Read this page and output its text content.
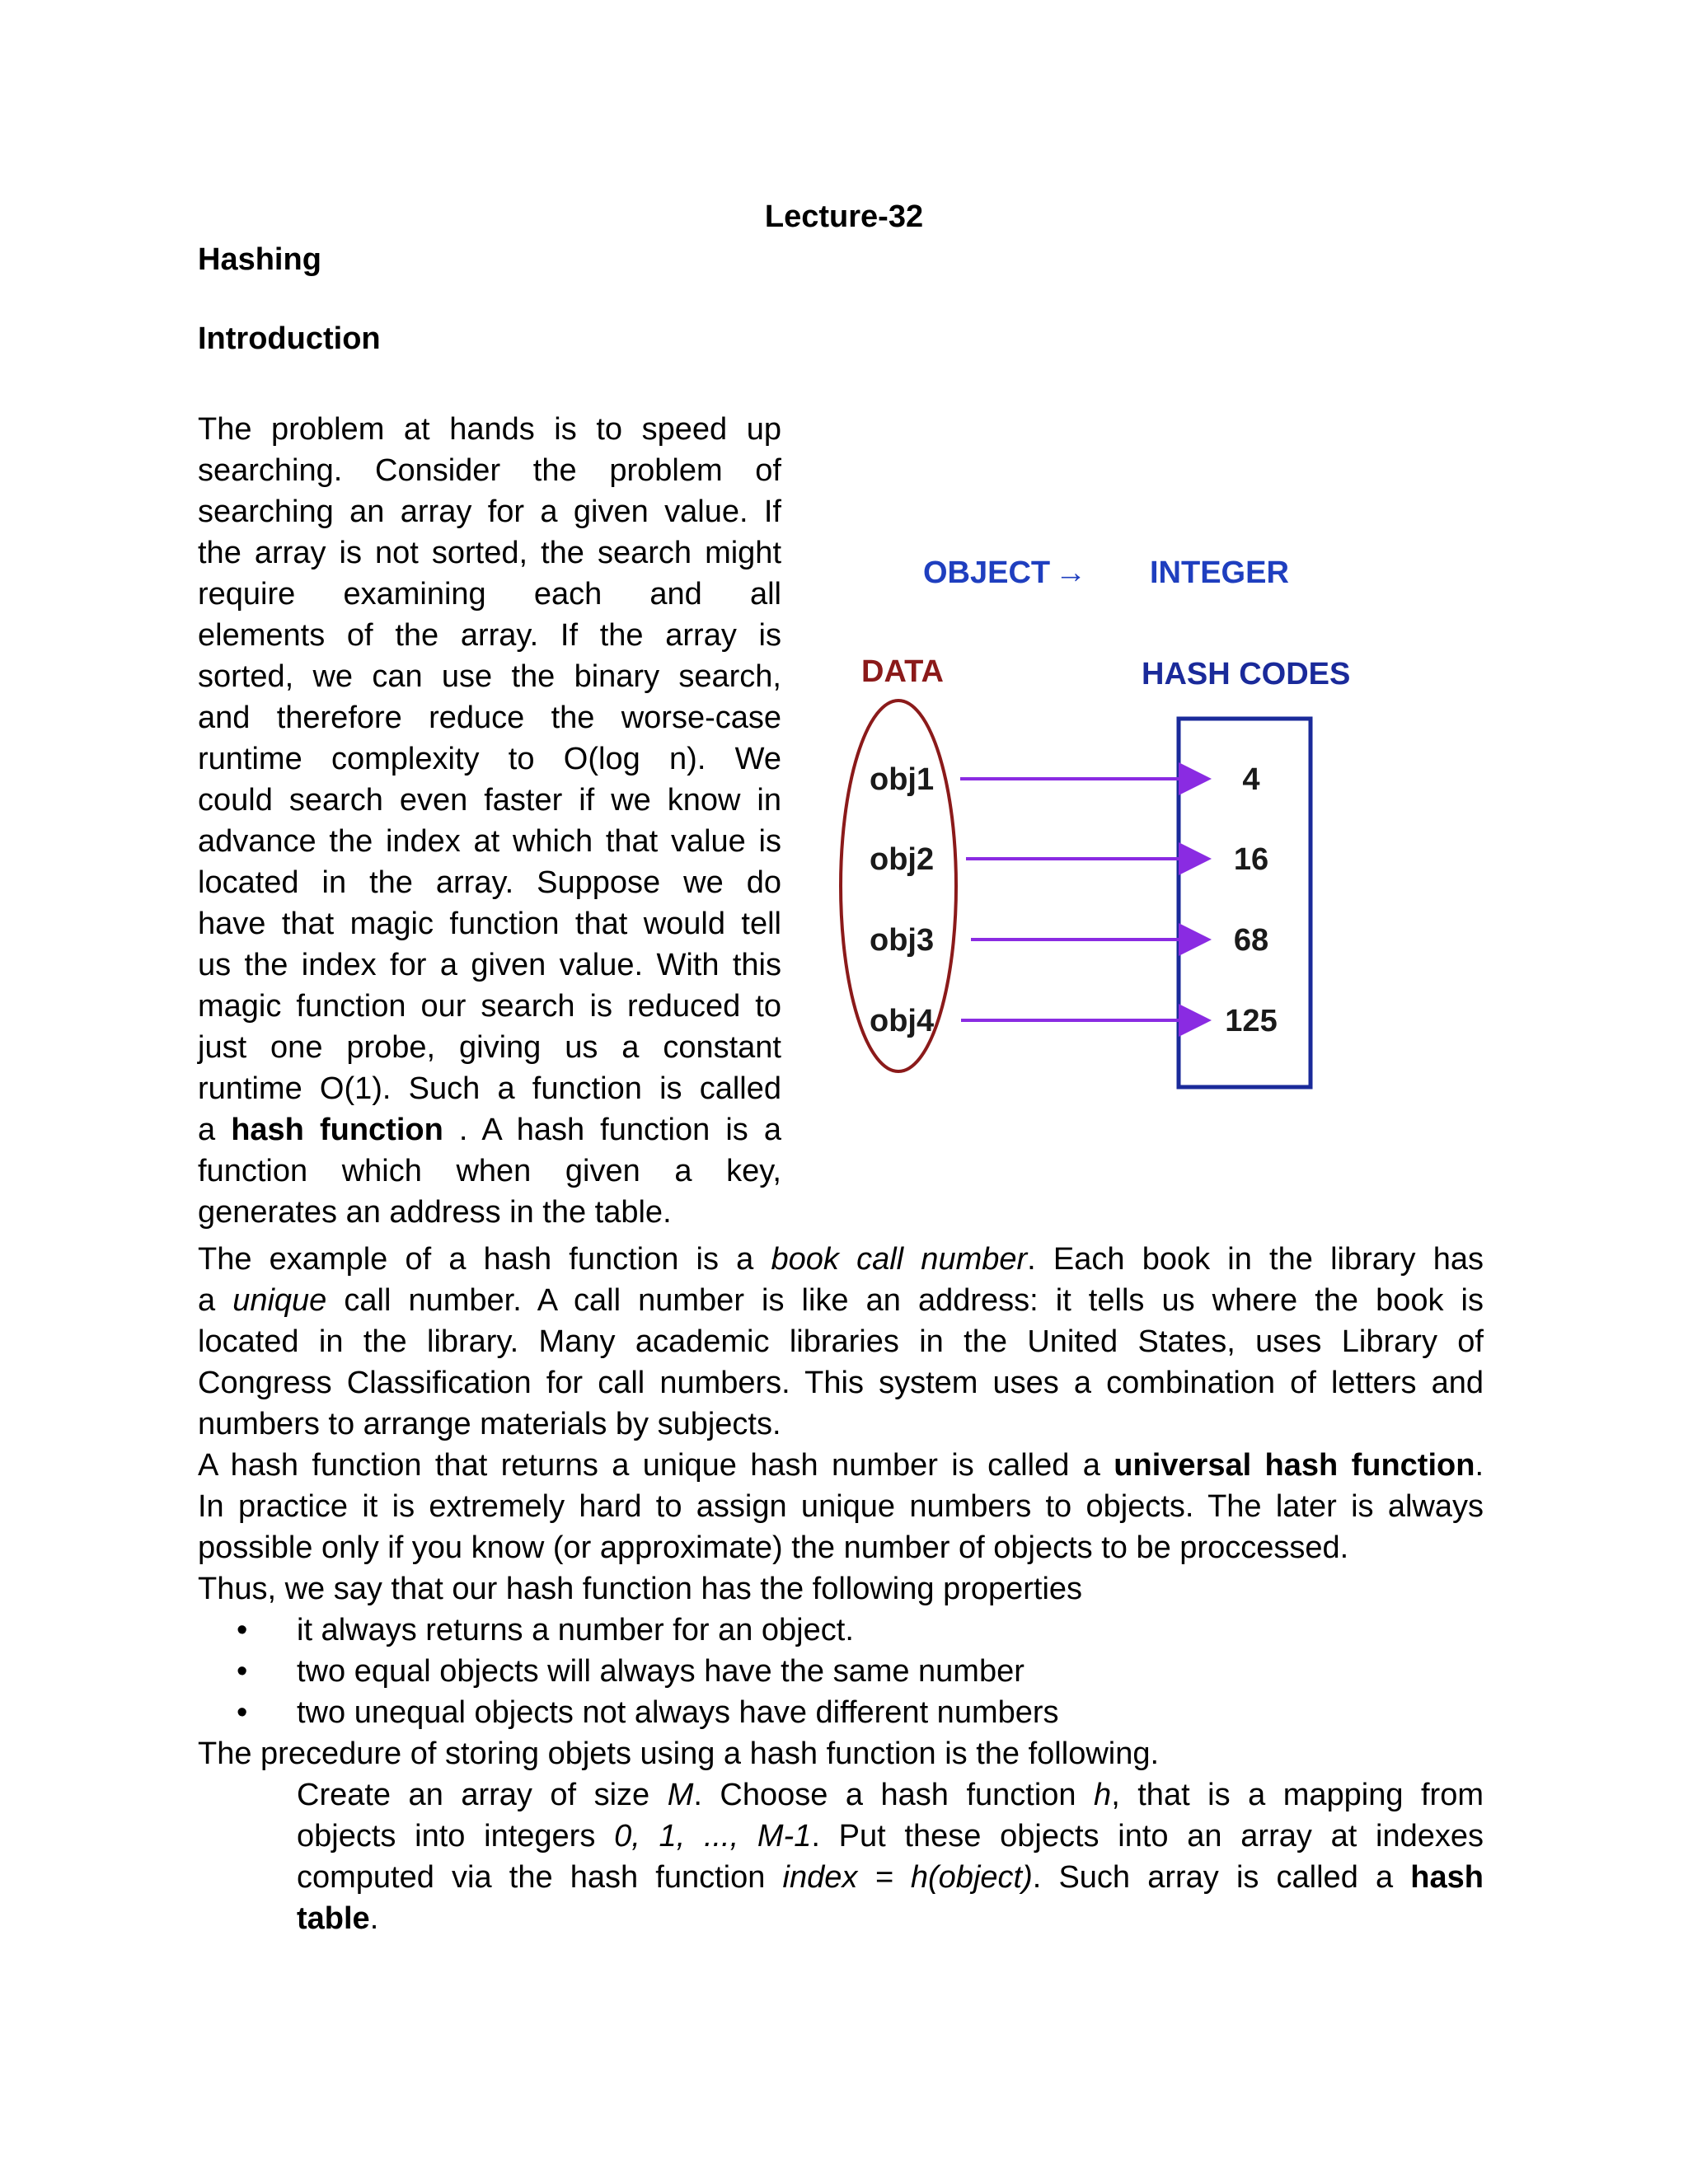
Lecture-32
Hashing
Introduction
The problem at hands is to speed up
searching. Consider the problem of
searching an array for a given value. If
the array is not sorted, the search might
require examining each and all
elements of the array. If the array is
sorted, we can use the binary search,
and therefore reduce the worse-case
runtime complexity to O(log n). We
could search even faster if we know in
advance the index at which that value is
located in the array. Suppose we do
have that magic function that would tell
us the index for a given value. With this
magic function our search is reduced to
just one probe, giving us a constant
runtime O(1). Such a function is called
a hash function . A hash function is a
function which when given a key,
generates an address in the table.
OBJECT → INTEGER
DATA	HASH CODES
obj1	4
obj2	16
obj3	68
obj4	125
The example of a hash function is a book call number. Each book in the library has
a unique call number. A call number is like an address: it tells us where the book is
located in the library. Many academic libraries in the United States, uses Library of
Congress Classification for call numbers. This system uses a combination of letters and
numbers to arrange materials by subjects.
A hash function that returns a unique hash number is called a universal hash function.
In practice it is extremely hard to assign unique numbers to objects. The later is always
possible only if you know (or approximate) the number of objects to be proccessed.
Thus, we say that our hash function has the following properties
• it always returns a number for an object.
• two equal objects will always have the same number
• two unequal objects not always have different numbers
The precedure of storing objets using a hash function is the following.
Create an array of size M. Choose a hash function h, that is a mapping from
objects into integers 0, 1, ..., M-1. Put these objects into an array at indexes
computed via the hash function index = h(object). Such array is called a hash
table.
